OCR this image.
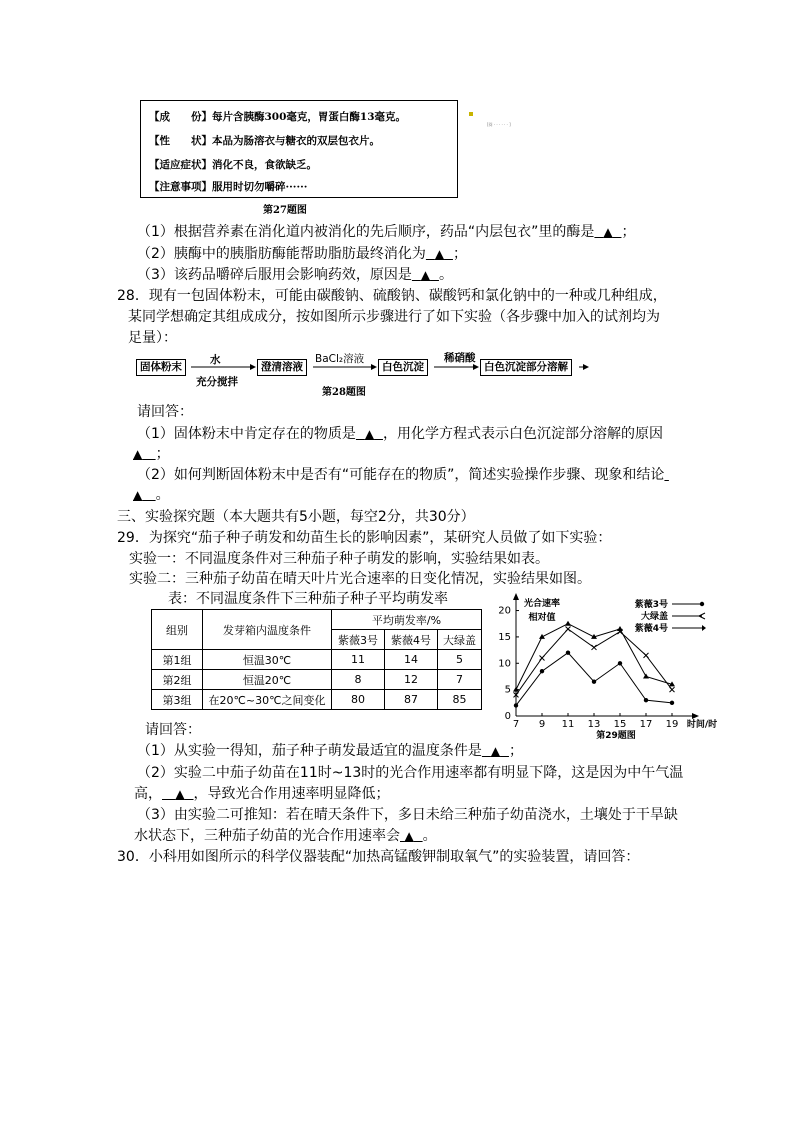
【成　　份】每片含胰酶300毫克，胃蛋白酶13毫克。
【性　　状】本品为肠溶衣与糖衣的双层包衣片。
【适应症状】消化不良，食欲缺乏。
【注意事项】服用时切勿嚼碎······
[阅 · · · · · · ]
第27题图
（1）根据营养素在消化道内被消化的先后顺序，药品“内层包衣”里的酶是 ▲ ；
（2）胰酶中的胰脂肪酶能帮助脂肪最终消化为 ▲ ；
（3）该药品嚼碎后服用会影响药效，原因是 ▲ 。
28．现有一包固体粉末，可能由碳酸钠、硫酸钠、碳酸钙和氯化钠中的一种或几种组成，
某同学想确定其组成成分，按如图所示步骤进行了如下实验（各步骤中加入的试剂均为
足量）：
固体粉末
水
充分搅拌
澄清溶液
BaCl₂溶液
白色沉淀
稀硝酸
白色沉淀部分溶解
第28题图
请回答：
（1）固体粉末中肯定存在的物质是 ▲ ，用化学方程式表示白色沉淀部分溶解的原因
▲ ；
（2）如何判断固体粉末中是否有“可能存在的物质”，简述实验操作步骤、现象和结论
▲ 。
三、实验探究题（本大题共有5小题，每空2分，共30分）
29．为探究“茄子种子萌发和幼苗生长的影响因素”，某研究人员做了如下实验：
实验一：不同温度条件对三种茄子种子萌发的影响，实验结果如表。
实验二：三种茄子幼苗在晴天叶片光合速率的日变化情况，实验结果如图。
表：不同温度条件下三种茄子种子平均萌发率
组别	发芽箱内温度条件	平均萌发率/%		
		紫薇3号	紫薇4号	大绿盖
第1组	恒温30℃	11	14	5
第2组	恒温20℃	8	12	7
第3组	在20℃~30℃之间变化	80	87	85
0
5
10
15
20
7 9 11 13 15 17 19 时间/时
光合速率
相对值
第29题图
紫薇3号
大绿盖
紫薇4号
请回答：
（1）从实验一得知，茄子种子萌发最适宜的温度条件是 ▲ ；
（2）实验二中茄子幼苗在11时~13时的光合作用速率都有明显下降，这是因为中午气温
高， ▲ ，导致光合作用速率明显降低；
（3）由实验二可推知：若在晴天条件下，多日未给三种茄子幼苗浇水，土壤处于干旱缺
水状态下，三种茄子幼苗的光合作用速率会 ▲ 。
30．小科用如图所示的科学仪器装配“加热高锰酸钾制取氧气”的实验装置，请回答：
